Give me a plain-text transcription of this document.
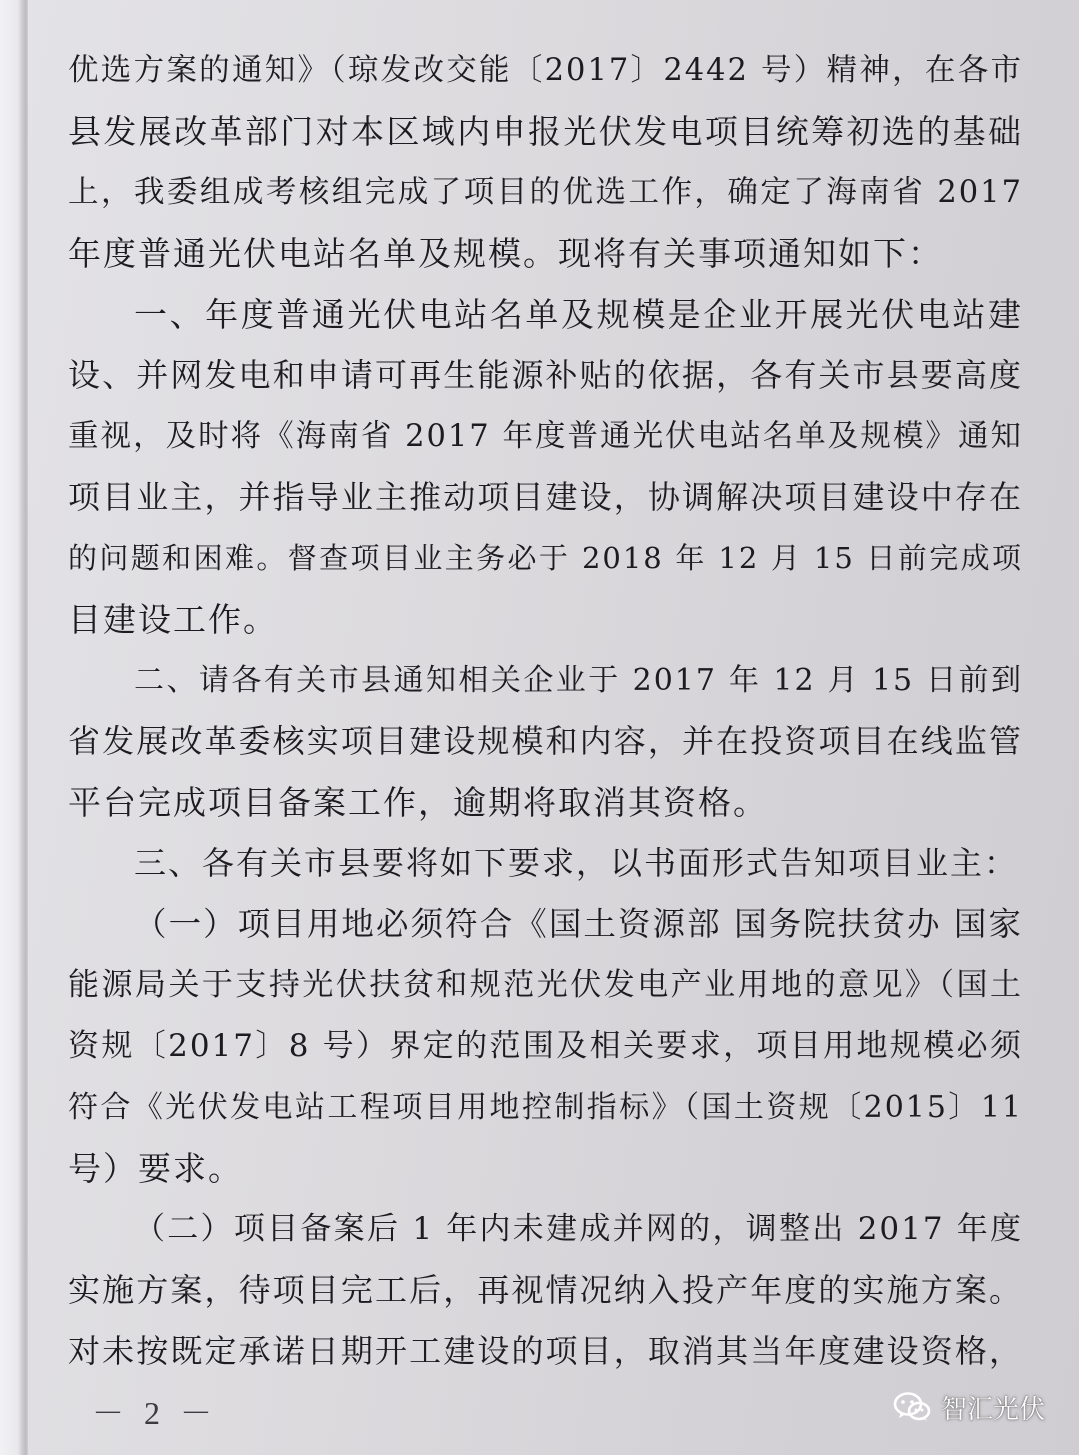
优选方案的通知》（琼发改交能〔2017〕2442 号）精神，在各市
县发展改革部门对本区域内申报光伏发电项目统筹初选的基础
上，我委组成考核组完成了项目的优选工作，确定了海南省 2017
年度普通光伏电站名单及规模。现将有关事项通知如下：
一、年度普通光伏电站名单及规模是企业开展光伏电站建
设、并网发电和申请可再生能源补贴的依据，各有关市县要高度
重视，及时将《海南省 2017 年度普通光伏电站名单及规模》通知
项目业主，并指导业主推动项目建设，协调解决项目建设中存在
的问题和困难。督查项目业主务必于 2018 年 12 月 15 日前完成项
目建设工作。
二、请各有关市县通知相关企业于 2017 年 12 月 15 日前到
省发展改革委核实项目建设规模和内容，并在投资项目在线监管
平台完成项目备案工作，逾期将取消其资格。
三、各有关市县要将如下要求，以书面形式告知项目业主：
（一）项目用地必须符合《国土资源部 国务院扶贫办 国家
能源局关于支持光伏扶贫和规范光伏发电产业用地的意见》（国土
资规〔2017〕8 号）界定的范围及相关要求，项目用地规模必须
符合《光伏发电站工程项目用地控制指标》（国土资规〔2015〕11
号）要求。
（二）项目备案后 1 年内未建成并网的，调整出 2017 年度
实施方案，待项目完工后，再视情况纳入投产年度的实施方案。
对未按既定承诺日期开工建设的项目，取消其当年度建设资格，
－ 2 －	智汇光伏
